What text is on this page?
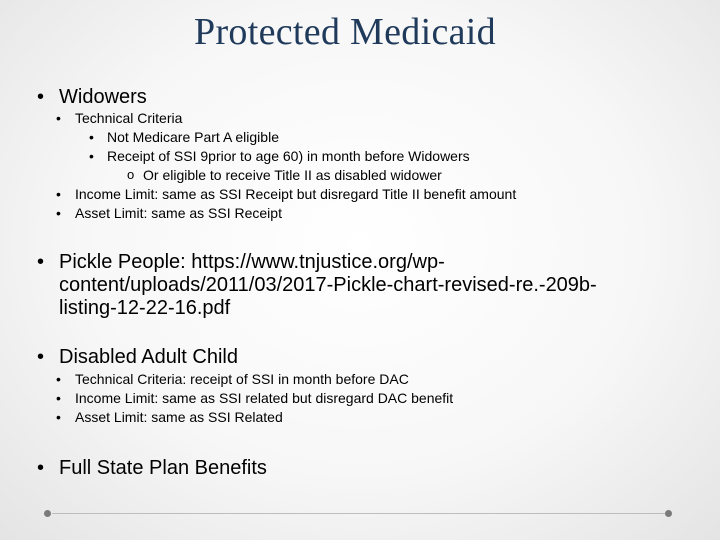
Protected Medicaid
• Widowers
• Technical Criteria
• Not Medicare Part A eligible
• Receipt of SSI 9prior to age 60) in month before Widowers
o Or eligible to receive Title II as disabled widower
• Income Limit: same as SSI Receipt but disregard Title II benefit amount
• Asset Limit: same as SSI Receipt
• Pickle People: https://www.tnjustice.org/wp-
content/uploads/2011/03/2017-Pickle-chart-revised-re.-209b-
listing-12-22-16.pdf
• Disabled Adult Child
• Technical Criteria: receipt of SSI in month before DAC
• Income Limit: same as SSI related but disregard DAC benefit
• Asset Limit: same as SSI Related
• Full State Plan Benefits
